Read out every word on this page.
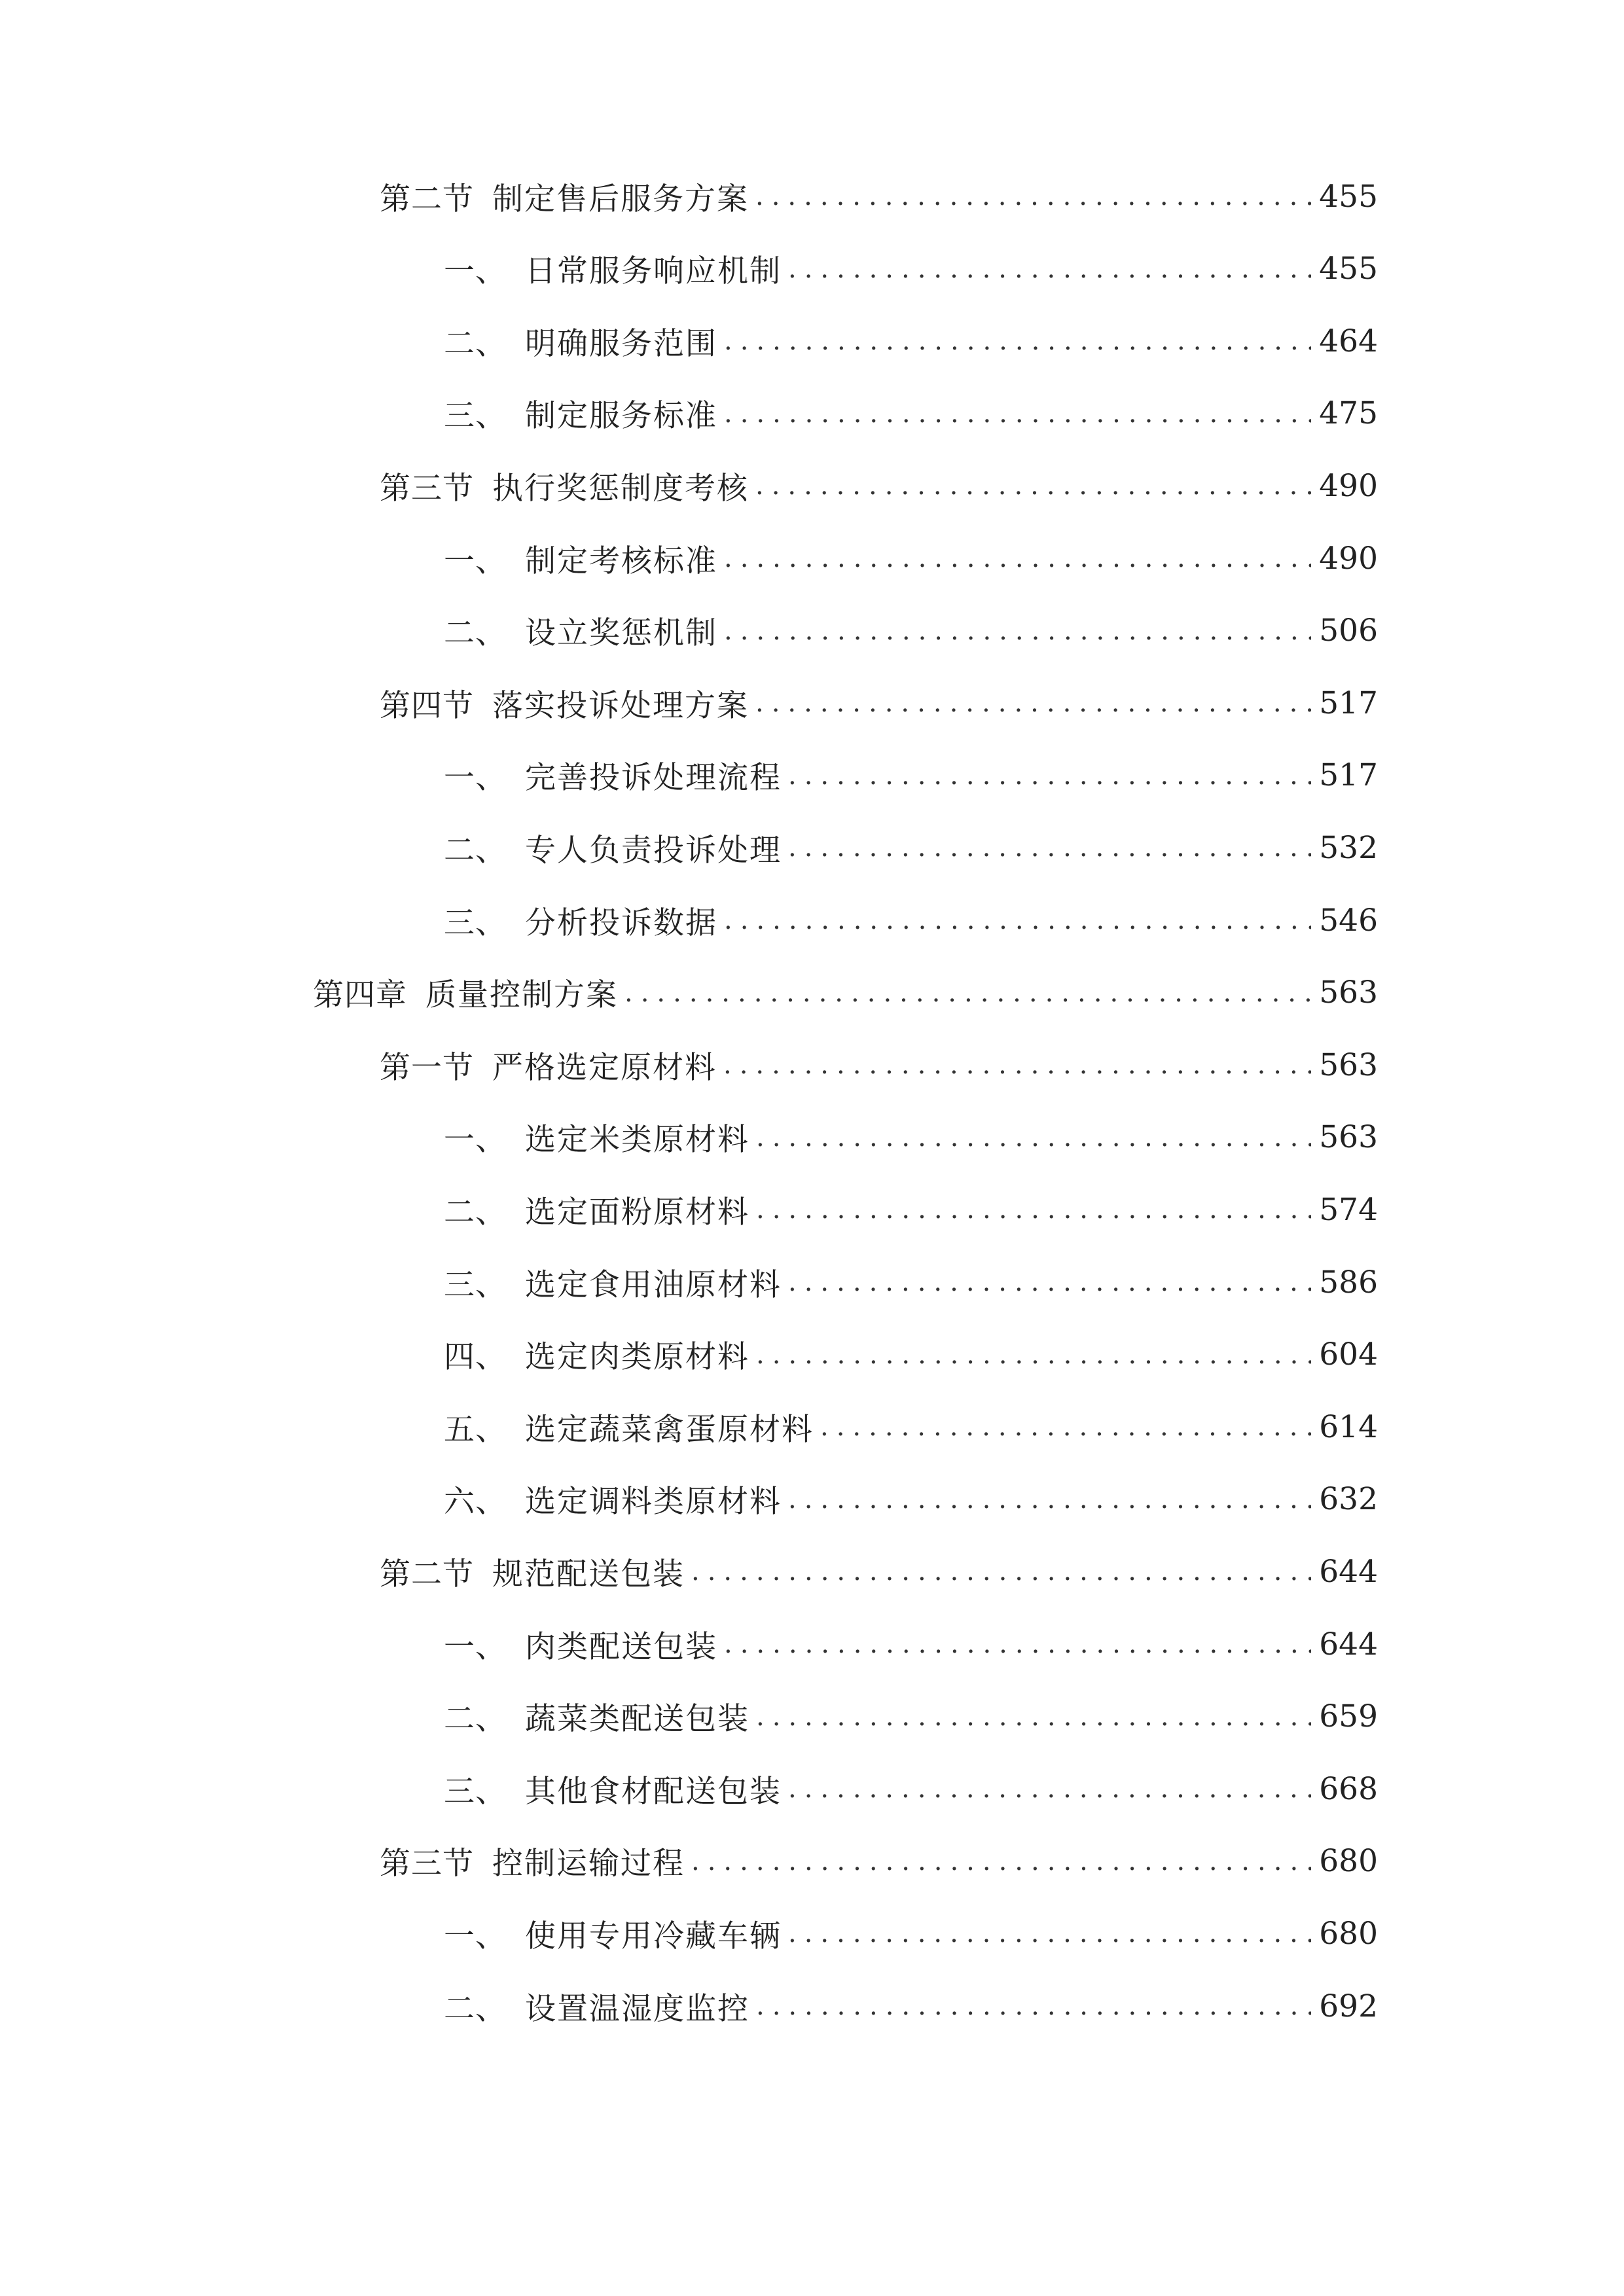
第二节 制定售后服务方案 .....	455
一、 日常服务响应机制 .....	455
二、 明确服务范围 .....	464
三、 制定服务标准 .....	475
第三节 执行奖惩制度考核 .....	490
一、 制定考核标准 .....	490
二、 设立奖惩机制 .....	506
第四节 落实投诉处理方案 .....	517
一、 完善投诉处理流程 .....	517
二、 专人负责投诉处理 .....	532
三、 分析投诉数据 .....	546
第四章 质量控制方案 .....	563
第一节 严格选定原材料 .....	563
一、 选定米类原材料 .....	563
二、 选定面粉原材料 .....	574
三、 选定食用油原材料 .....	586
四、 选定肉类原材料 .....	604
五、 选定蔬菜禽蛋原材料 .....	614
六、 选定调料类原材料 .....	632
第二节 规范配送包装 .....	644
一、 肉类配送包装 .....	644
二、 蔬菜类配送包装 .....	659
三、 其他食材配送包装 .....	668
第三节 控制运输过程 .....	680
一、 使用专用冷藏车辆 .....	680
二、 设置温湿度监控 .....	692
